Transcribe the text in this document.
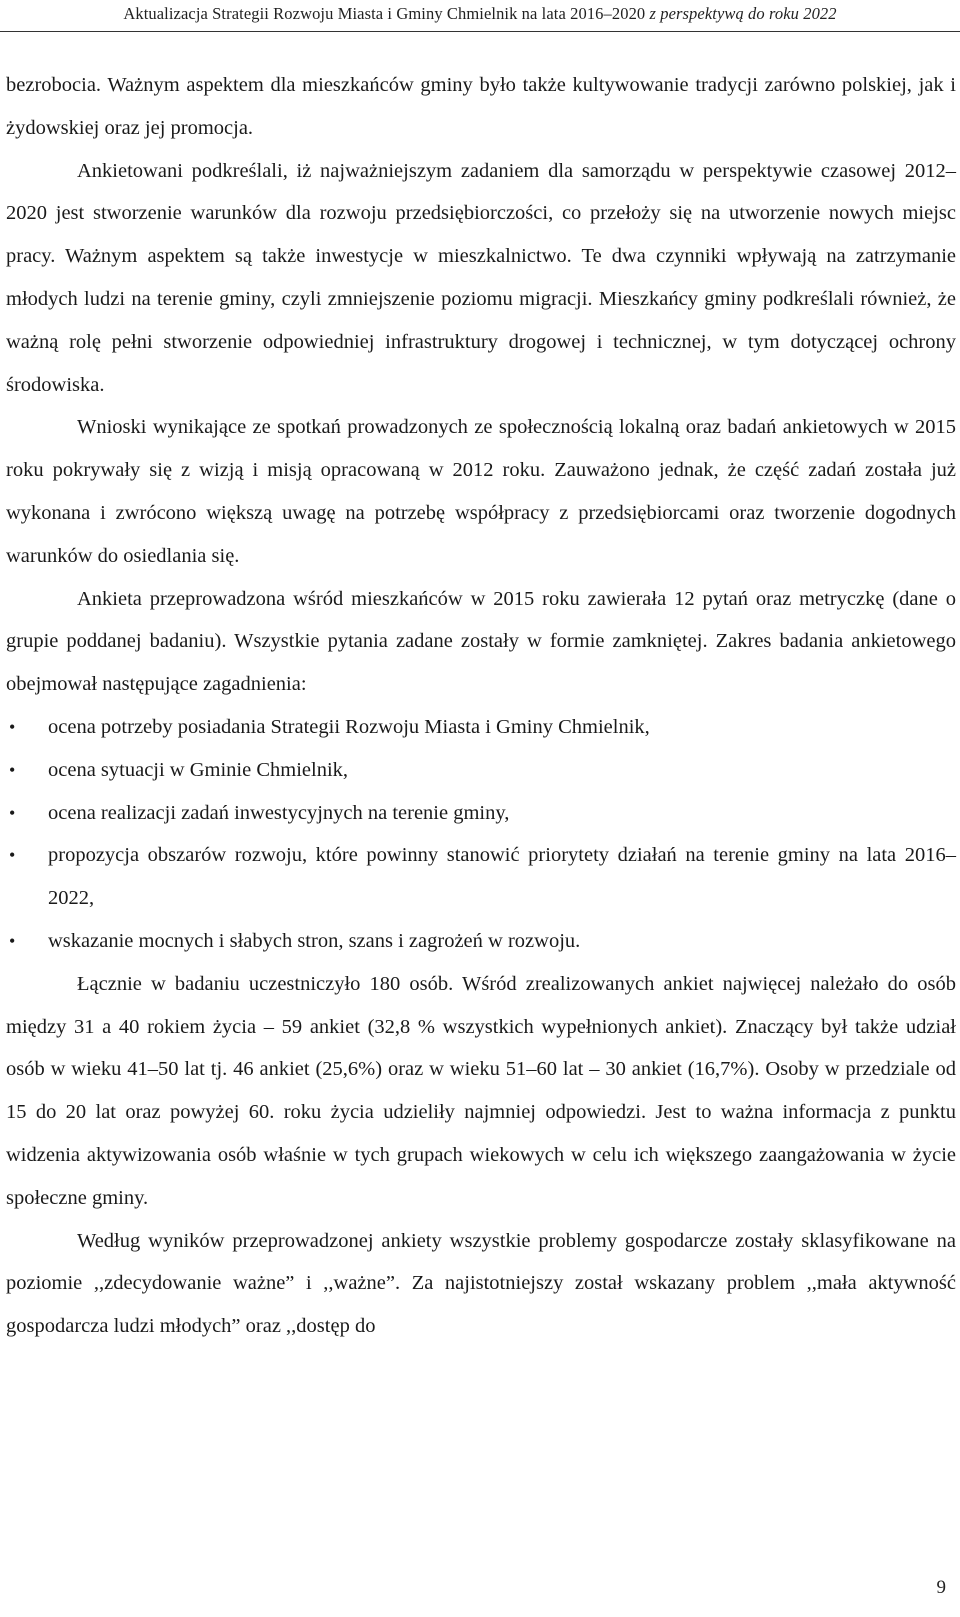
Aktualizacja Strategii Rozwoju Miasta i Gminy Chmielnik na lata 2016–2020 z perspektywą do roku 2022

bezrobocia. Ważnym aspektem dla mieszkańców gminy było także kultywowanie tradycji zarówno polskiej, jak i żydowskiej oraz jej promocja.

Ankietowani podkreślali, iż najważniejszym zadaniem dla samorządu w perspektywie czasowej 2012–2020 jest stworzenie warunków dla rozwoju przedsiębiorczości, co przełoży się na utworzenie nowych miejsc pracy. Ważnym aspektem są także inwestycje w mieszkalnictwo. Te dwa czynniki wpływają na zatrzymanie młodych ludzi na terenie gminy, czyli zmniejszenie poziomu migracji. Mieszkańcy gminy podkreślali również, że ważną rolę pełni stworzenie odpowiedniej infrastruktury drogowej i technicznej, w tym dotyczącej ochrony środowiska.

Wnioski wynikające ze spotkań prowadzonych ze społecznością lokalną oraz badań ankietowych w 2015 roku pokrywały się z wizją i misją opracowaną w 2012 roku. Zauważono jednak, że część zadań została już wykonana i zwrócono większą uwagę na potrzebę współpracy z przedsiębiorcami oraz tworzenie dogodnych warunków do osiedlania się.

Ankieta przeprowadzona wśród mieszkańców w 2015 roku zawierała 12 pytań oraz metryczkę (dane o grupie poddanej badaniu). Wszystkie pytania zadane zostały w formie zamkniętej. Zakres badania ankietowego obejmował następujące zagadnienia:

• ocena potrzeby posiadania Strategii Rozwoju Miasta i Gminy Chmielnik,
• ocena sytuacji w Gminie Chmielnik,
• ocena realizacji zadań inwestycyjnych na terenie gminy,
• propozycja obszarów rozwoju, które powinny stanowić priorytety działań na terenie gminy na lata 2016–2022,
• wskazanie mocnych i słabych stron, szans i zagrożeń w rozwoju.

Łącznie w badaniu uczestniczyło 180 osób. Wśród zrealizowanych ankiet najwięcej należało do osób między 31 a 40 rokiem życia – 59 ankiet (32,8 % wszystkich wypełnionych ankiet). Znaczący był także udział osób w wieku 41–50 lat tj. 46 ankiet (25,6%) oraz w wieku 51–60 lat – 30 ankiet (16,7%). Osoby w przedziale od 15 do 20 lat oraz powyżej 60. roku życia udzieliły najmniej odpowiedzi. Jest to ważna informacja z punktu widzenia aktywizowania osób właśnie w tych grupach wiekowych w celu ich większego zaangażowania w życie społeczne gminy.

Według wyników przeprowadzonej ankiety wszystkie problemy gospodarcze zostały sklasyfikowane na poziomie ,,zdecydowanie ważne” i ,,ważne”. Za najistotniejszy został wskazany problem ,,mała aktywność gospodarcza ludzi młodych” oraz ,,dostęp do

9
